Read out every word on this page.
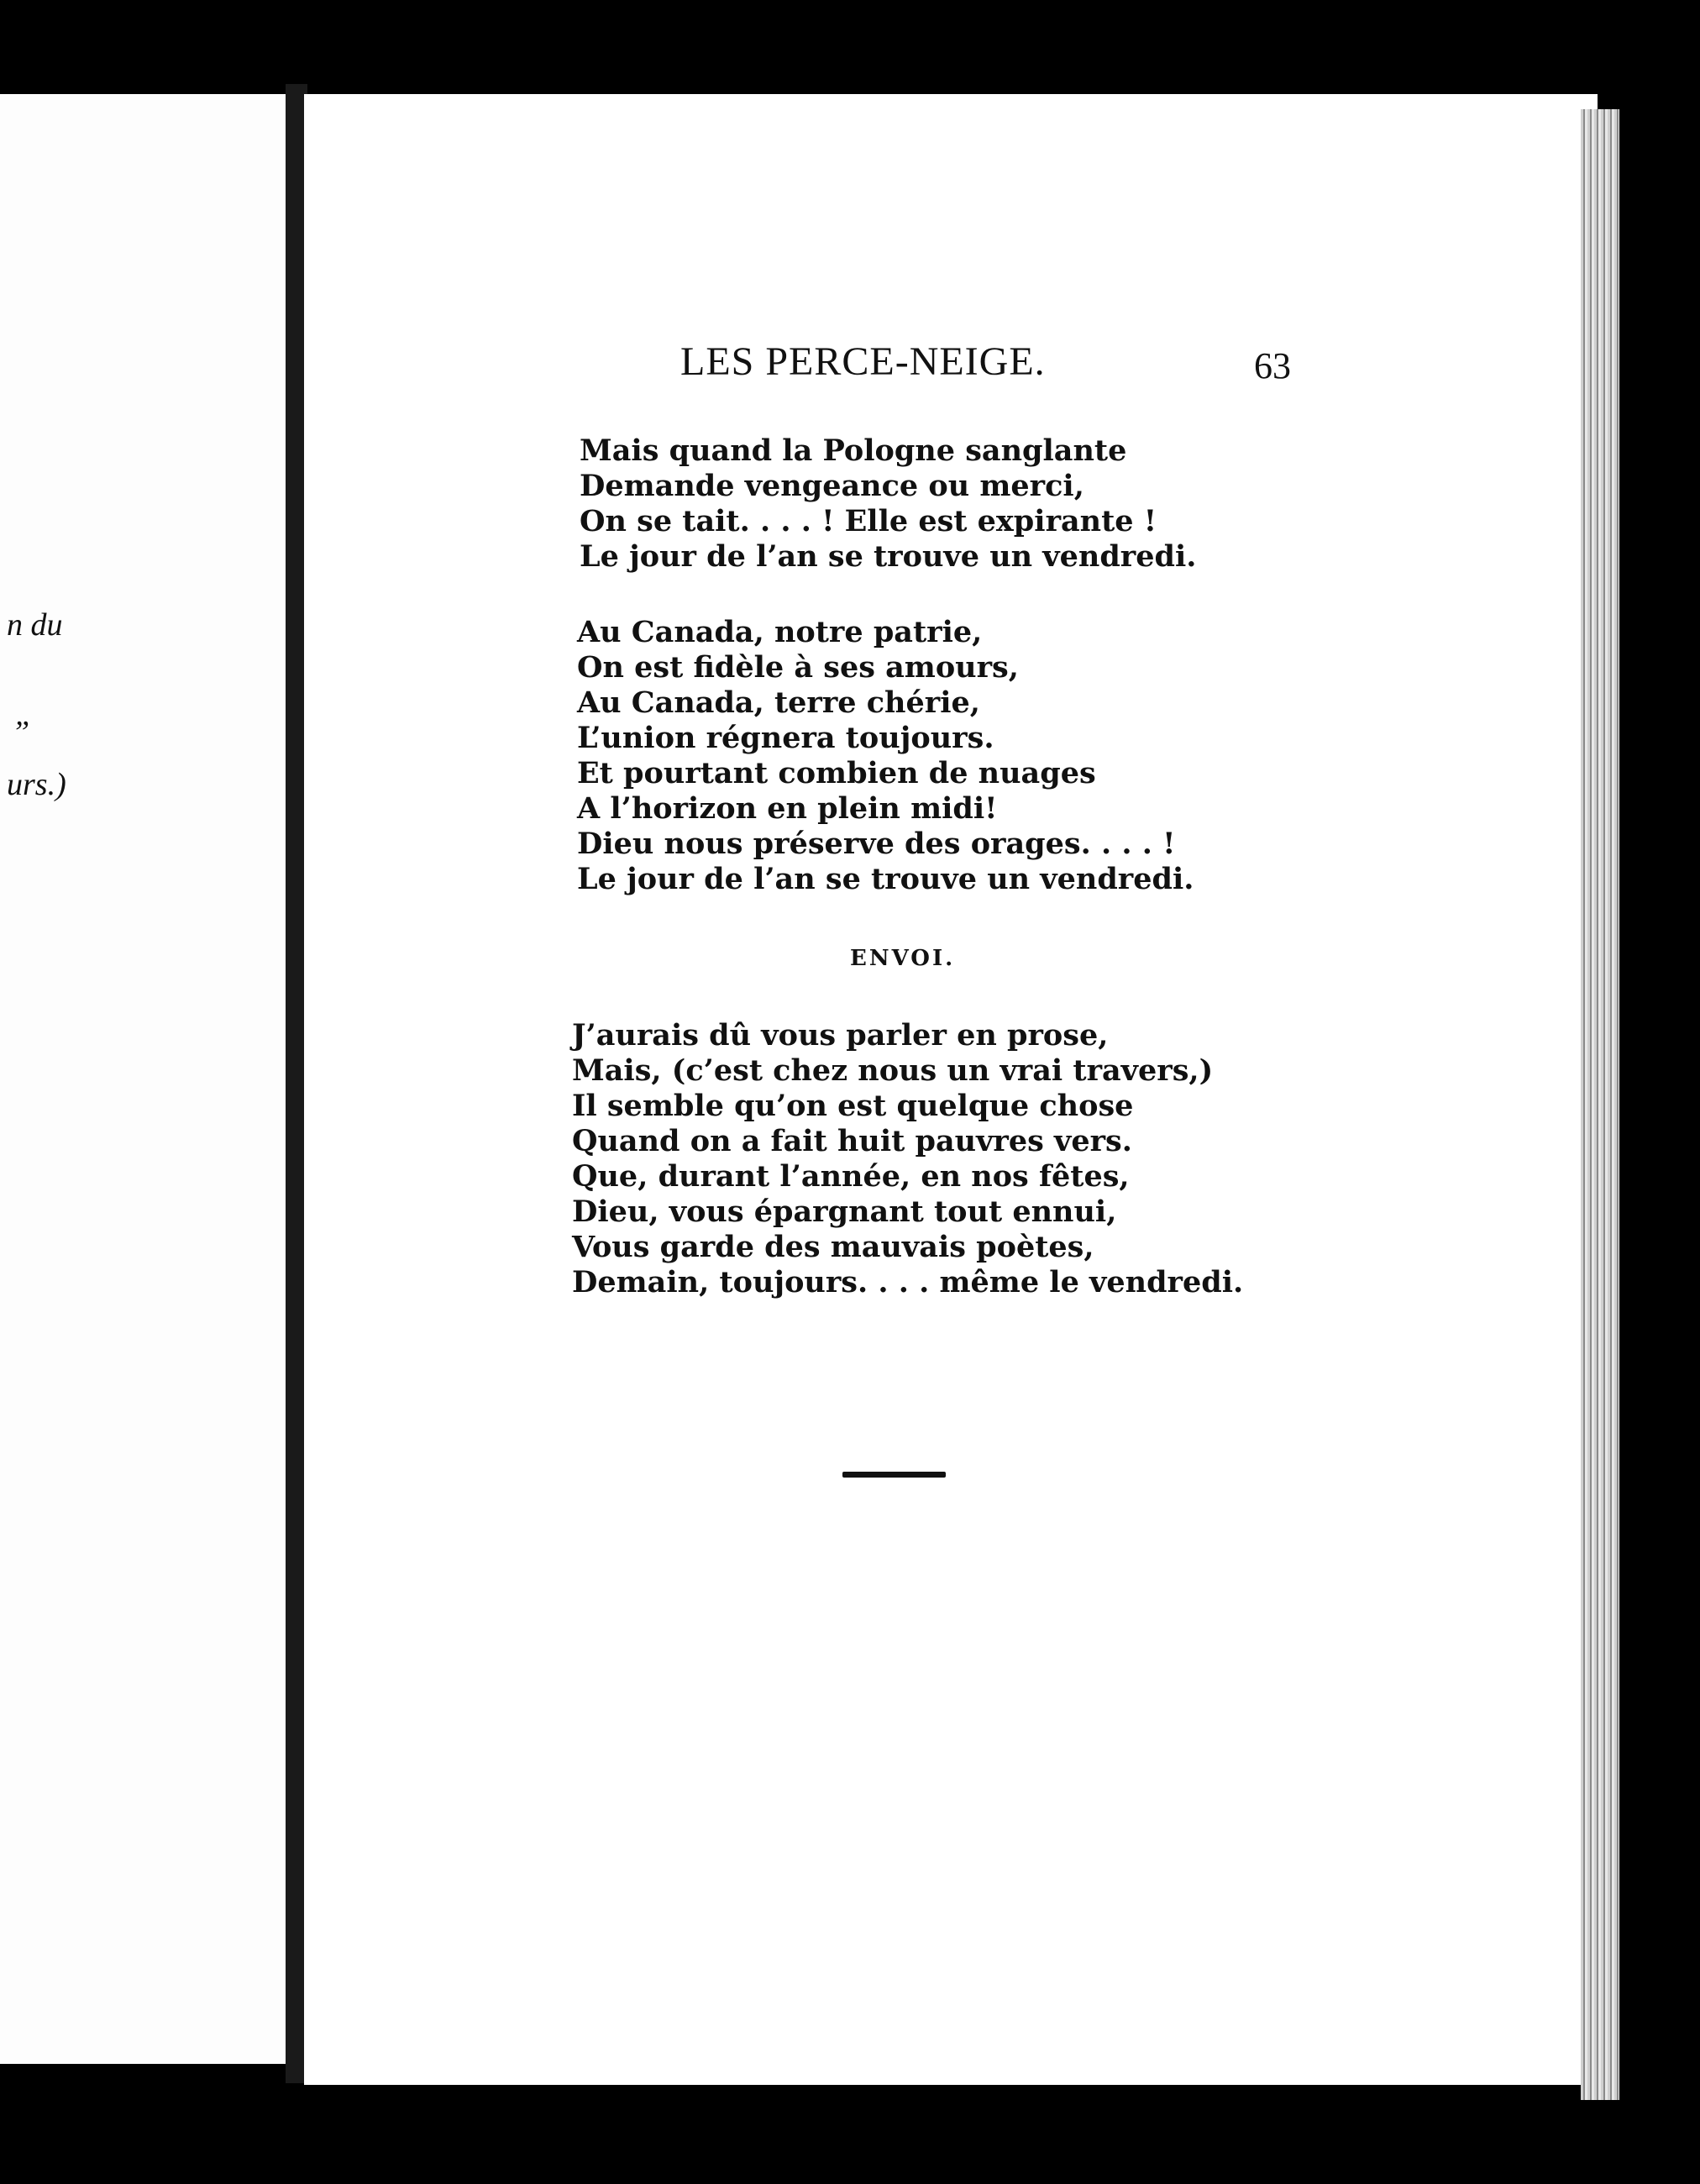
n du
”
urs.)
LES PERCE-NEIGE.	63
Mais quand la Pologne sanglante
Demande vengeance ou merci,
On se tait. . . . ! Elle est expirante !
Le jour de l’an se trouve un vendredi.
Au Canada, notre patrie,
On est fidèle à ses amours,
Au Canada, terre chérie,
L’union régnera toujours.
Et pourtant combien de nuages
A l’horizon en plein midi!
Dieu nous préserve des orages. . . . !
Le jour de l’an se trouve un vendredi.
ENVOI.
J’aurais dû vous parler en prose,
Mais, (c’est chez nous un vrai travers,)
Il semble qu’on est quelque chose
Quand on a fait huit pauvres vers.
Que, durant l’année, en nos fêtes,
Dieu, vous épargnant tout ennui,
Vous garde des mauvais poètes,
Demain, toujours. . . . même le vendredi.
